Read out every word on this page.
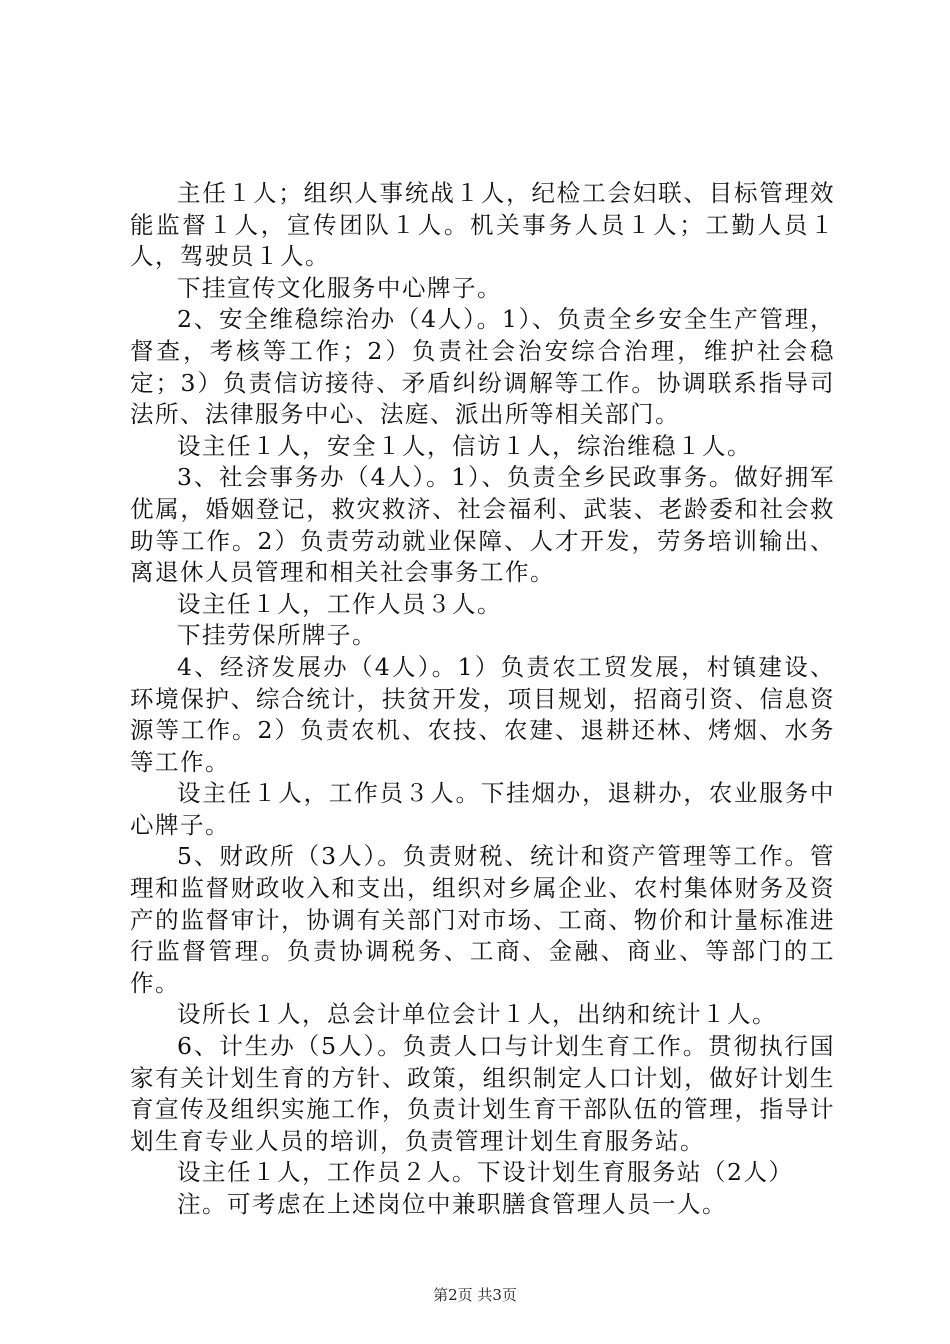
主任１人；组织人事统战１人，纪检工会妇联、目标管理效能监督１人，宣传团队１人。机关事务人员１人；工勤人员１人，驾驶员１人。

下挂宣传文化服务中心牌子。

2、安全维稳综治办（4人）。1）、负责全乡安全生产管理，督查，考核等工作；2）负责社会治安综合治理，维护社会稳定；3）负责信访接待、矛盾纠纷调解等工作。协调联系指导司法所、法律服务中心、法庭、派出所等相关部门。

设主任１人，安全１人，信访１人，综治维稳１人。

3、社会事务办（4人）。1）、负责全乡民政事务。做好拥军优属，婚姻登记，救灾救济、社会福利、武装、老龄委和社会救助等工作。2）负责劳动就业保障、人才开发，劳务培训输出、离退休人员管理和相关社会事务工作。

设主任１人，工作人员３人。

下挂劳保所牌子。

4、经济发展办（4人）。1）负责农工贸发展，村镇建设、环境保护、综合统计，扶贫开发，项目规划，招商引资、信息资源等工作。2）负责农机、农技、农建、退耕还林、烤烟、水务等工作。

设主任１人，工作员３人。下挂烟办，退耕办，农业服务中心牌子。

5、财政所（3人）。负责财税、统计和资产管理等工作。管理和监督财政收入和支出，组织对乡属企业、农村集体财务及资产的监督审计，协调有关部门对市场、工商、物价和计量标准进行监督管理。负责协调税务、工商、金融、商业、等部门的工作。

设所长１人，总会计单位会计１人，出纳和统计１人。

6、计生办（5人）。负责人口与计划生育工作。贯彻执行国家有关计划生育的方针、政策，组织制定人口计划，做好计划生育宣传及组织实施工作，负责计划生育干部队伍的管理，指导计划生育专业人员的培训，负责管理计划生育服务站。

设主任１人，工作员２人。下设计划生育服务站（2人）

注。可考虑在上述岗位中兼职膳食管理人员一人。

第2页 共3页
